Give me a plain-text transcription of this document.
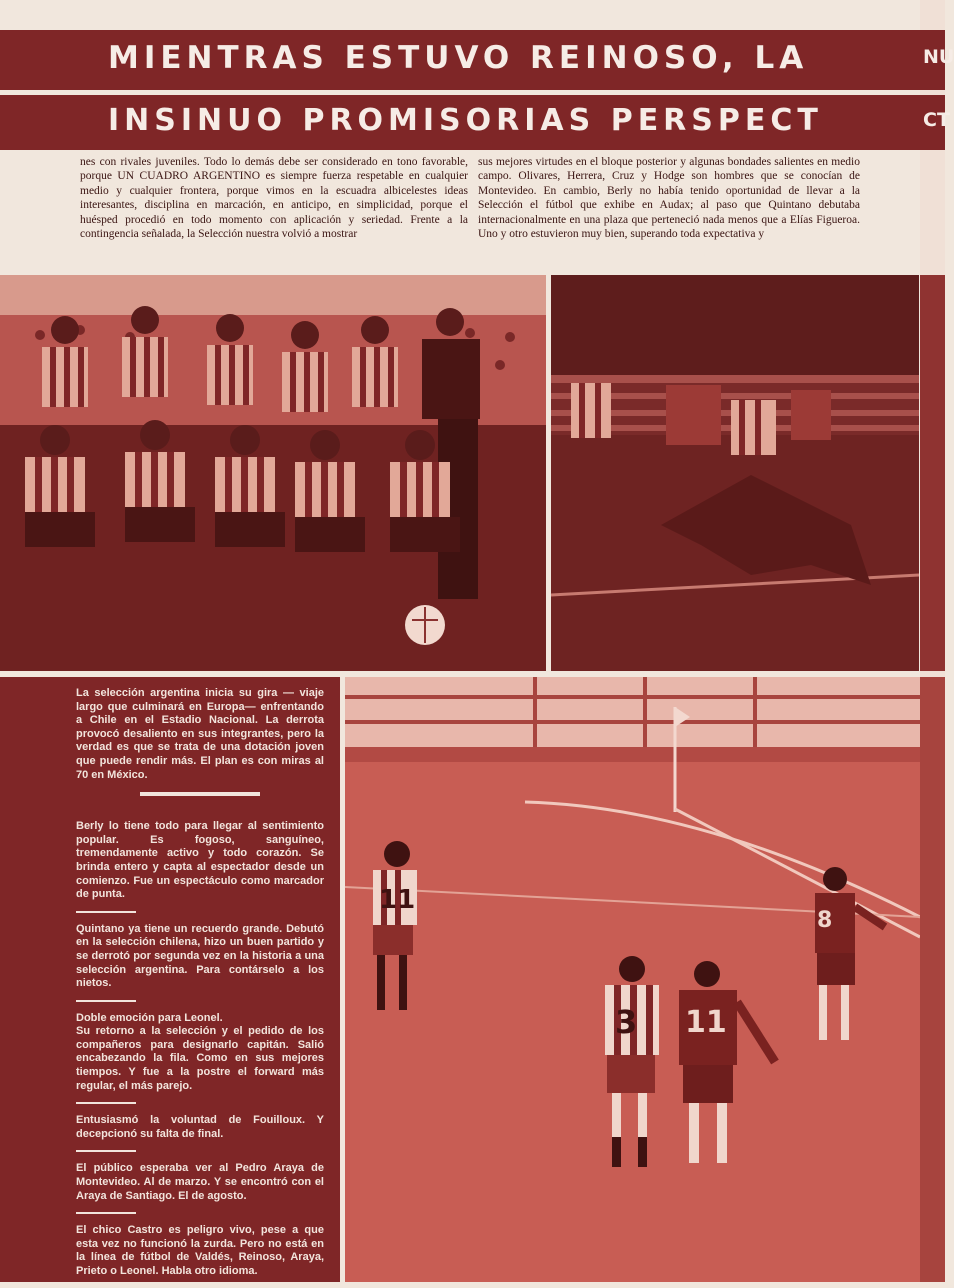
MIENTRAS ESTUVO REINOSO, LA
INSINUO PROMISORIAS PERSPECT
nes con rivales juveniles. Todo lo demás debe ser considerado en tono favorable, porque UN CUADRO ARGENTINO es siempre fuerza respetable en cualquier medio y cualquier frontera, porque vimos en la escuadra albicelestes ideas interesantes, disciplina en marcación, en anticipo, en simplicidad, porque el huésped procedió en todo momento con aplicación y seriedad. Frente a la contingencia señalada, la Selección nuestra volvió a mostrar
sus mejores virtudes en el bloque posterior y algunas bondades salientes en medio campo. Olivares, Herrera, Cruz y Hodge son hombres que se conocían de Montevideo. En cambio, Berly no había tenido oportunidad de llevar a la Selección el fútbol que exhibe en Audax; al paso que Quintano debutaba internacionalmente en una plaza que perteneció nada menos que a Elías Figueroa. Uno y otro estuvieron muy bien, superando toda expectativa y

La selección argentina inicia su gira — viaje largo que culminará en Europa— enfrentando a Chile en el Estadio Nacional. La derrota provocó desaliento en sus integrantes, pero la verdad es que se trata de una dotación joven que puede rendir más. El plan es con miras al 70 en México.

Berly lo tiene todo para llegar al sentimiento popular. Es fogoso, sanguíneo, tremendamente activo y todo corazón. Se brinda entero y capta al espectador desde un comienzo. Fue un espectáculo como marcador de punta.

Quintano ya tiene un recuerdo grande. Debutó en la selección chilena, hizo un buen partido y se derrotó por segunda vez en la historia a una selección argentina. Para contárselo a los nietos.

Doble emoción para Leonel.

Su retorno a la selección y el pedido de los compañeros para designarlo capitán. Salió encabezando la fila. Como en sus mejores tiempos. Y fue a la postre el forward más regular, el más parejo.

Entusiasmó la voluntad de Fouilloux. Y decepcionó su falta de final.

El público esperaba ver al Pedro Araya de Montevideo. Al de marzo. Y se encontró con el Araya de Santiago. El de agosto.

El chico Castro es peligro vivo, pese a que esta vez no funcionó la zurda. Pero no está en la línea de fútbol de Valdés, Reinoso, Araya, Prieto o Leonel. Habla otro idioma.

11
3 11
8
NU
CT
